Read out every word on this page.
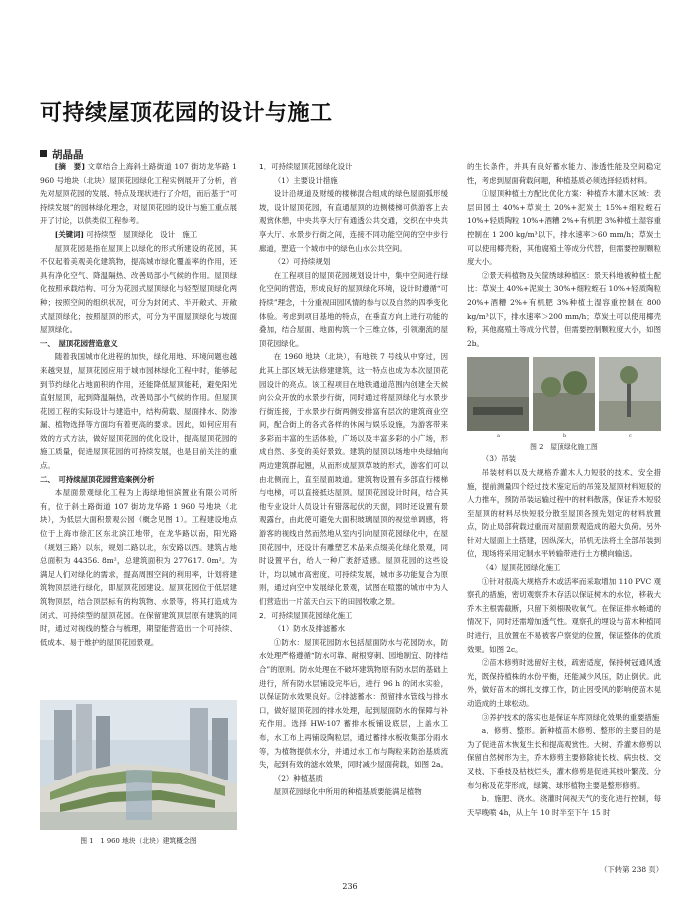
可持续屋顶花园的设计与施工
胡晶晶

[摘　要] 文章结合上海斜土路街道 107 街坊龙华路 1 960 号地块（北块）屋顶花园绿化工程实例展开了分析，首先对屋顶花园的发展、特点及现状进行了介绍，而后基于“可持续发展”的园林绿化理念，对屋顶花园的设计与施工重点展开了讨论，以供类似工程参考。

[关键词] 可持续型　屋顶绿化　设计　施工

屋顶花园是指在屋顶上以绿化的形式所建设的花园，其不仅起着美观美化建筑物，提高城市绿化覆盖率的作用，还具有净化空气、降温隔热、改善局部小气候的作用。屋顶绿化按照承载结构、可分为花园式屋顶绿化与轻型屋顶绿化两种；按照空间的组织状况，可分为封闭式、半开敞式、开敞式屋顶绿化；按照屋顶的形式，可分为平面屋顶绿化与坡面屋顶绿化。

一、　屋顶花园营造意义

随着我国城市化进程的加快，绿化用地、环境问题也越来越突显，屋顶花园应用于城市园林绿化工程中时，能够起到节约绿化占地面积的作用，还能降低屋顶能耗，避免阳光直射屋顶，起到降温隔热，改善局部小气候的作用。但屋顶花园工程的实际设计与建造中，结构荷载、屋面排水、防渗漏、植物选择等方面均有着更高的要求。因此，如何应用有效的方式方法，做好屋顶花园的优化设计，提高屋顶花园的施工质量，促进屋顶花园的可持续发展，也是目前关注的重点。

二、　可持续屋顶花园营造案例分析

本屋面景观绿化工程为上海绿地恒滨置业有限公司所有，位于斜土路街道 107 街坊龙华路 1 960 号地块（北块），为低层大面积景观公园（概念见图 1）。工程建设地点位于上海市徐汇区东北滨江地带，在龙华路以南，阳光路（规划三路）以东，规划二路以北，东安路以西。建筑占地总面积为 44356. 8m²，总建筑面积为 277617. 0m²。为满足人们对绿化的需求，提高周围空间的利用率，计划将建筑物顶层进行绿化，即屋顶花园建设。屋顶花园位于低层建筑物顶层，结合顶层标有的构筑物、水景等，将其打造成为闭式、可持续型的屋顶花园。在保留建筑顶层原有建筑的同时，通过对视线的整合与梳理，期望能营造出一个可持续、低成本、易于维护的屋顶花园景观。

图 1　1 960 地块（北块）建筑概念图
1．可持续屋顶花园绿化设计

（1）主要设计措施

设计沿规道及财缓的楼梯混合组成的绿色屋面弧形缓坡，设计屋顶花园，有直通屋顶的边侧楼梯可供游客上去观赏休憩，中央共享大厅有通透公共交通，交织在中央共享大厅、水景步行街之间，连接不同功能空间的空中步行廊道，塑造一个城市中的绿色山水公共空间。

（2）可持续规划

在工程项目的屋顶花园规划设计中，集中空间进行绿化空间的营造，形成良好的屋顶绿化环境，设计时遵循“可持续”理念，十分重视田园风情的参与以及自然的四季变化体验。考虑到项目基地的特点，在垂直方向上进行功能的叠加，结合屋面、地面构筑一个三维立体，引领潮流的屋顶花园绿化。

在 1960 地块（北块），有地铁 7 号线从中穿过，因此其上部区域无法修建建筑，这一特点也成为本次屋顶花园设计的亮点。该工程项目在地铁通道范围内创建全天候向公众开放的水景步行街，同时通过将屋顶绿化与水景步行街连接，于水景步行街两侧安排富有层次的建筑商业空间，配合街上的各式各样的休闲与娱乐设施，为游客带来多彩而丰富的生活体验，广场以及丰富多彩的小广场，形成自然、多变的美好景致。建筑的屋顶以场地中央绿轴向两边建筑群起翘，从而形成屋顶草坡的形式，游客们可以由北侧而上，直至屋面坡道。建筑物设置有多部直行楼梯与电梯，可以直接抵达屋顶。屋顶花园设计时间，结合其他专业设计人员设计有错落起伏的天窗，同时还设置有景观露台，由此使可避免大面积玻璃屋顶的视觉单调感，将游客的视线自然而然地从室内引向屋顶花园绿化中，在屋顶花园中，还设计有雕塑艺术品来点缀美化绿化景观，同时设置平台，给人一种广袤舒适感。屋顶花园的这些设计，均以城市高密度、可持续发展，城市多功能复合为原则，通过向空中发展绿化景观，试图在喧嚣的城市中为人们营造出一片蓝天白云下的田园牧歌之景。

2．可持续屋顶花园绿化施工

（1）防水及排滤蓄水

①防水：屋顶花园防水包括屋面防水与花园防水，防水处理严格遵循“防水可靠、耐根穿刺、园地制宜、防排结合”的原则。防水处理在不破坏建筑物原有防水层的基础上进行，所有防水层铺设完毕后，进行 96 h 的闭水实验，以保证防水效果良好。②排滤蓄水：预留排水管线与排水口，做好屋顶花园的排水处理，起到屋面防水的保障与补充作用。选择 HW-107 蓄排水板铺设底层，上盖水工布，水工布上再铺设陶粒层，通过蓄排水板收集部分雨水等，为植物提供水分，并通过水工布与陶粒来防治基质流失，起到有效的滤水效果，同时减少屋面荷载，如图 2a。

（2）种植基质

屋顶花园绿化中所用的种植基质要能满足植物

的生长条件，并具有良好蓄水能力、渗透性能及空间稳定性，考虑到屋面荷载问题，种植基质必须选择轻质材料。

①屋顶种植土方配比优化方案：种植乔木灌木区域：表层田园土 40%+草炭土 20%+泥炭土 15%+细粒蛭石 10%+轻质陶粒 10%+酒糟 2%+有机肥 3%种植土湿容重控制在 1 200 kg/m³以下，排水速率＞60 mm/h；草炭土可以使用椰壳粉，其他腐殖土等成分代替，但需要控制颗粒度大小。

②景天科植物及矢筐绣球种植区：景天科地被种植土配比：草炭土 40%+泥炭土 30%+细粒蛭石 10%+轻质陶粒 20%+酒糟 2%+有机肥 3%种植土湿容重控制在 800 kg/m³以下，排水速率＞200 mm/h；草炭土可以使用椰壳粉，其他腐殖土等成分代替，但需要控制颗粒度大小，如图 2b。

（3）吊装

吊装材料以及大规格乔灌木人力短驳的技术、安全措施，提前测量四个经过技术鉴定后的吊笼及屋顶材料短驳的人力推车，预防吊装运输过程中的材料散落，保证乔木短驳至屋顶的材料尽快短驳分散至屋顶各预先划定的材料放置点，防止局部荷载过重而对屋面景观造成的超大负荷。另外针对大屋面上土搭建，因纵深大，吊机无法将土全部吊装到位，现场将采用定制水平转输带进行土方横向输送。

（4）屋顶花园绿化施工

①针对很高大规格乔木或活率而采取增加 110 PVC 观察孔的措施，密切观察乔木存活以保证树木的水位，移栽大乔木主根需截断，只留下须根吸收氧气。在保证排水畅通的情况下，同时还需增加透气性。观察孔的埋设与苗木种植同时进行，且放置在不易被客户察觉的位置，保证整体的优质效果。如图 2c。

②苗木修剪时选留好主枝，疏密适度，保持树冠通风透光，既保持植株的水份平衡，还能减少风压，防止倒伏。此外，做好苗木的绑扎支撑工作，防止因受风的影响使苗木晃动造成的土球松动。

③养护技术的落实也是保证车库顶绿化效果的重要措施

a．修剪、整形。新种植苗木修剪、整形的主要目的是为了促进苗木恢复生长和提高观赏性。大树、乔灌木修剪以保留自然树形为主，乔木修剪主要修除徒长枝、病虫枝、交叉枝、下垂枝及枯枝烂头，灌木修剪是促进其枝叶繁茂、分布匀称及花芽形成，绿篱、球形植物主要是整形修剪。

b．施肥、浇水。浇灌时间视天气的变化进行控制，每天早晚喷 4h，从上午 10 时半至下午 15 时

a	b	c
图 2　屋顶绿化施工图
（下转第 238 页）
236
